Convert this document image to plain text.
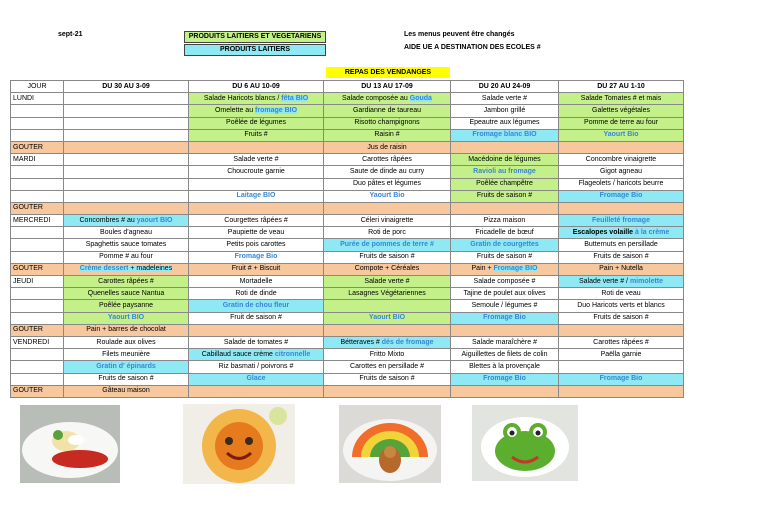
sept-21	PRODUITS LAITIERS ET VEGETARIENS
PRODUITS LAITIERS
Les menus peuvent être changés
AIDE UE A DESTINATION DES ECOLES #
REPAS DES VENDANGES
JOUR	DU 30 AU 3-09	DU 6 AU 10-09	DU 13 AU 17-09	DU 20 AU 24-09	DU 27 AU 1-10
LUNDI		Salade Haricots blancs / fêta BIO	Salade composée au Gouda	Salade verte #	Salade Tomates # et mais
		Omelette au fromage BIO	Gardianne de taureau	Jambon grillé	Galettes végétales
		Poêlée de légumes	Risotto champignons	Epeautre aux légumes	Pomme de terre au four
		Fruits #	Raisin #	Fromage blanc BIO	Yaourt Bio
GOUTER			Jus de raisin		
MARDI		Salade verte #	Carottes râpées	Macédoine de légumes	Concombre vinaigrette
		Choucroute garnie	Saute de dinde au curry	Ravioli au fromage	Gigot agneau
			Duo pâtes et légumes	Poêlée champêtre	Flageolets / haricots beurre
		Laitage BIO	Yaourt Bio	Fruits de saison #	Fromage Bio
GOUTER					
MERCREDI	Concombres # au yaourt BIO	Courgettes râpées #	Céleri vinaigrette	Pizza maison	Feuilleté fromage
	Boules d'agneau	Paupiette de veau	Roti de porc	Fricadelle de bœuf	Escalopes volaille à la crème
	Spaghettis sauce tomates	Petits pois carottes	Purée de pommes de terre #	Gratin de courgettes	Butternuts en persillade
	Pomme # au four	Fromage Bio	Fruits de saison #	Fruits de saison #	Fruits de saison #
GOUTER	Crème dessert + madeleines	Fruit # + Biscuit	Compote + Céréales	Pain + Fromage BIO	Pain + Nutella
JEUDI	Carottes râpées #	Mortadelle	Salade verte #	Salade composée #	Salade verte # / mimolette
	Quenelles sauce Nantua	Roti de dinde	Lasagnes Végétariennes	Tajine de poulet aux olives	Roti de veau
	Poêlée paysanne	Gratin de chou fleur		Semoule / légumes #	Duo Haricots verts et blancs
	Yaourt BIO	Fruit de saison #	Yaourt BIO	Fromage Bio	Fruits de saison #
GOUTER	Pain + barres de chocolat				
VENDREDI	Roulade aux olives	Salade de tomates #	Bétteraves # dés de fromage	Salade maraîchère #	Carottes râpées #
	Filets meunière	Cabillaud sauce crème citronnelle	Fritto Mixto	Aiguillettes de filets de colin	Paëlla garnie
	Gratin d' épinards	Riz basmati / poivrons #	Carottes en persillade #	Blettes à la provençale	
	Fruits de saison #	Glace	Fruits de saison #	Fromage Bio	Fromage Bio
GOUTER	Gâteau maison				
